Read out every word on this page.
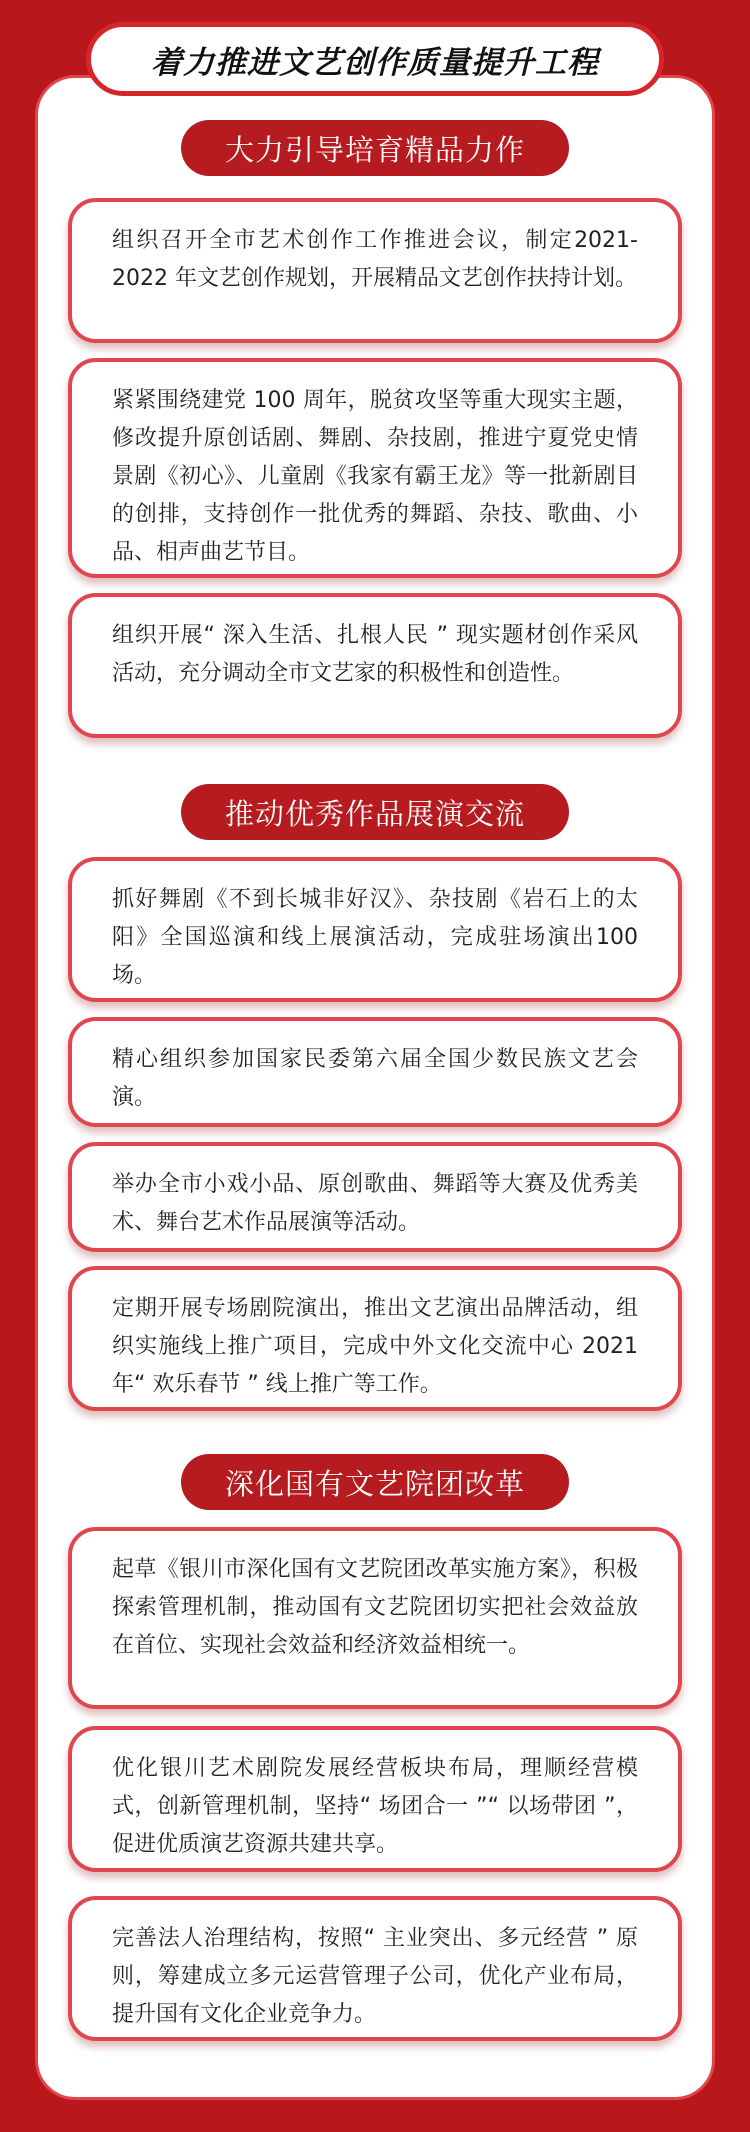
着力推进文艺创作质量提升工程
大力引导培育精品力作
组织召开全市艺术创作工作推进会议，制定2021-2022 年文艺创作规划，开展精品文艺创作扶持计划。
紧紧围绕建党 100 周年，脱贫攻坚等重大现实主题，修改提升原创话剧、舞剧、杂技剧，推进宁夏党史情景剧《初心》、儿童剧《我家有霸王龙》等一批新剧目的创排，支持创作一批优秀的舞蹈、杂技、歌曲、小品、相声曲艺节目。
组织开展“ 深入生活、扎根人民 ” 现实题材创作采风活动，充分调动全市文艺家的积极性和创造性。
推动优秀作品展演交流
抓好舞剧《不到长城非好汉》、杂技剧《岩石上的太阳》全国巡演和线上展演活动，完成驻场演出100 场。
精心组织参加国家民委第六届全国少数民族文艺会演。
举办全市小戏小品、原创歌曲、舞蹈等大赛及优秀美术、舞台艺术作品展演等活动。
定期开展专场剧院演出，推出文艺演出品牌活动，组织实施线上推广项目，完成中外文化交流中心 2021 年“ 欢乐春节 ” 线上推广等工作。
深化国有文艺院团改革
起草《银川市深化国有文艺院团改革实施方案》，积极探索管理机制，推动国有文艺院团切实把社会效益放在首位、实现社会效益和经济效益相统一。
优化银川艺术剧院发展经营板块布局，理顺经营模式，创新管理机制，坚持“ 场团合一 ”“ 以场带团 ”，促进优质演艺资源共建共享。
完善法人治理结构，按照“ 主业突出、多元经营 ” 原则，筹建成立多元运营管理子公司，优化产业布局，提升国有文化企业竞争力。
